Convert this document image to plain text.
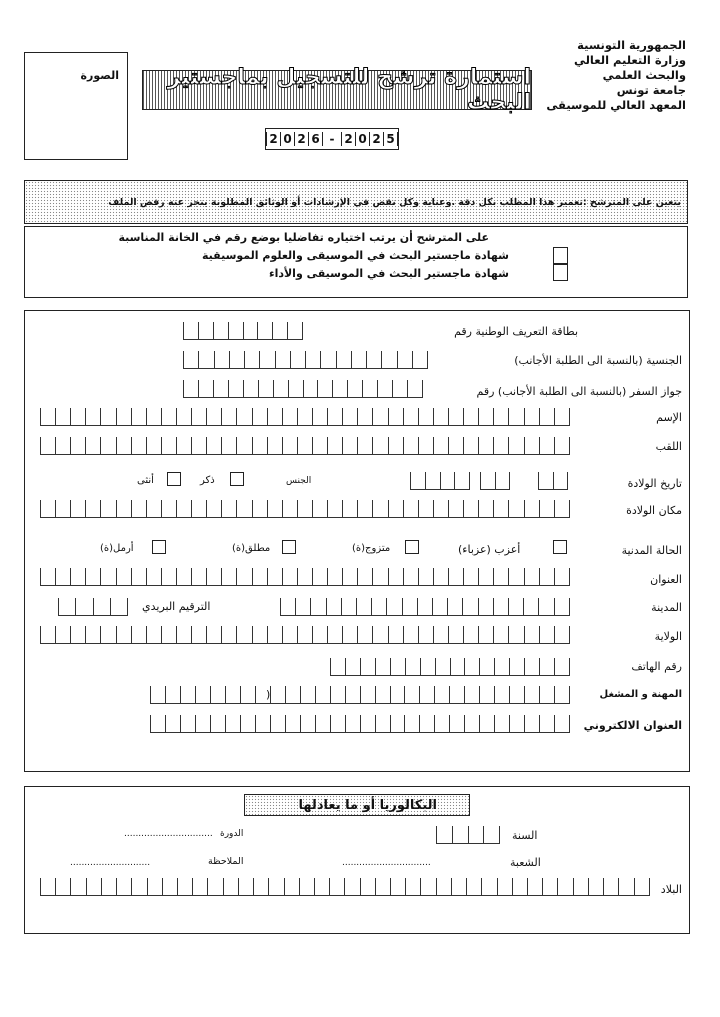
الجمهورية التونسية
وزارة التعليم العالي
والبحث العلمي
جامعة تونس
المعهد العالي للموسيقى
الصورة	استمارة ترشح للتسجيل بماجستير البحث
2 0 2 6 - 2 0 2 5
يتعين على المترشح :تعمير هذا المطلب بكل دقة .وعناية وكل نقص في الإرشادات أو الوثائق المطلوبة ينجر عنه رفض الملف
على المترشح أن يرتب اختياره تفاضليا بوضع رقم في الخانة المناسبة
شهادة ماجستير البحث في الموسيقى والعلوم الموسيقية
شهادة ماجستير البحث في الموسيقى والأداء
بطاقة التعريف الوطنية رقم
الجنسية (بالنسبة الى الطلبة الأجانب)
جواز السفر (بالنسبة الى الطلبة الأجانب) رقم
الإسم
اللقب
تاريخ الولادة
الجنس
ذكر
أنثى
مكان الولادة
الحالة المدنية
أعزب (عزباء)
متزوج(ة)
مطلق(ة)
أرمل(ة)
العنوان
المدينة
الترقيم البريدي
الولاية
رقم الهاتف
المهنة و المشغل
(
العنوان الالكتروني
البكالوريا أو ما يعادلها
السنة
الدورة
...............................
الشعبة
...............................
الملاحظة
............................
البلاد
